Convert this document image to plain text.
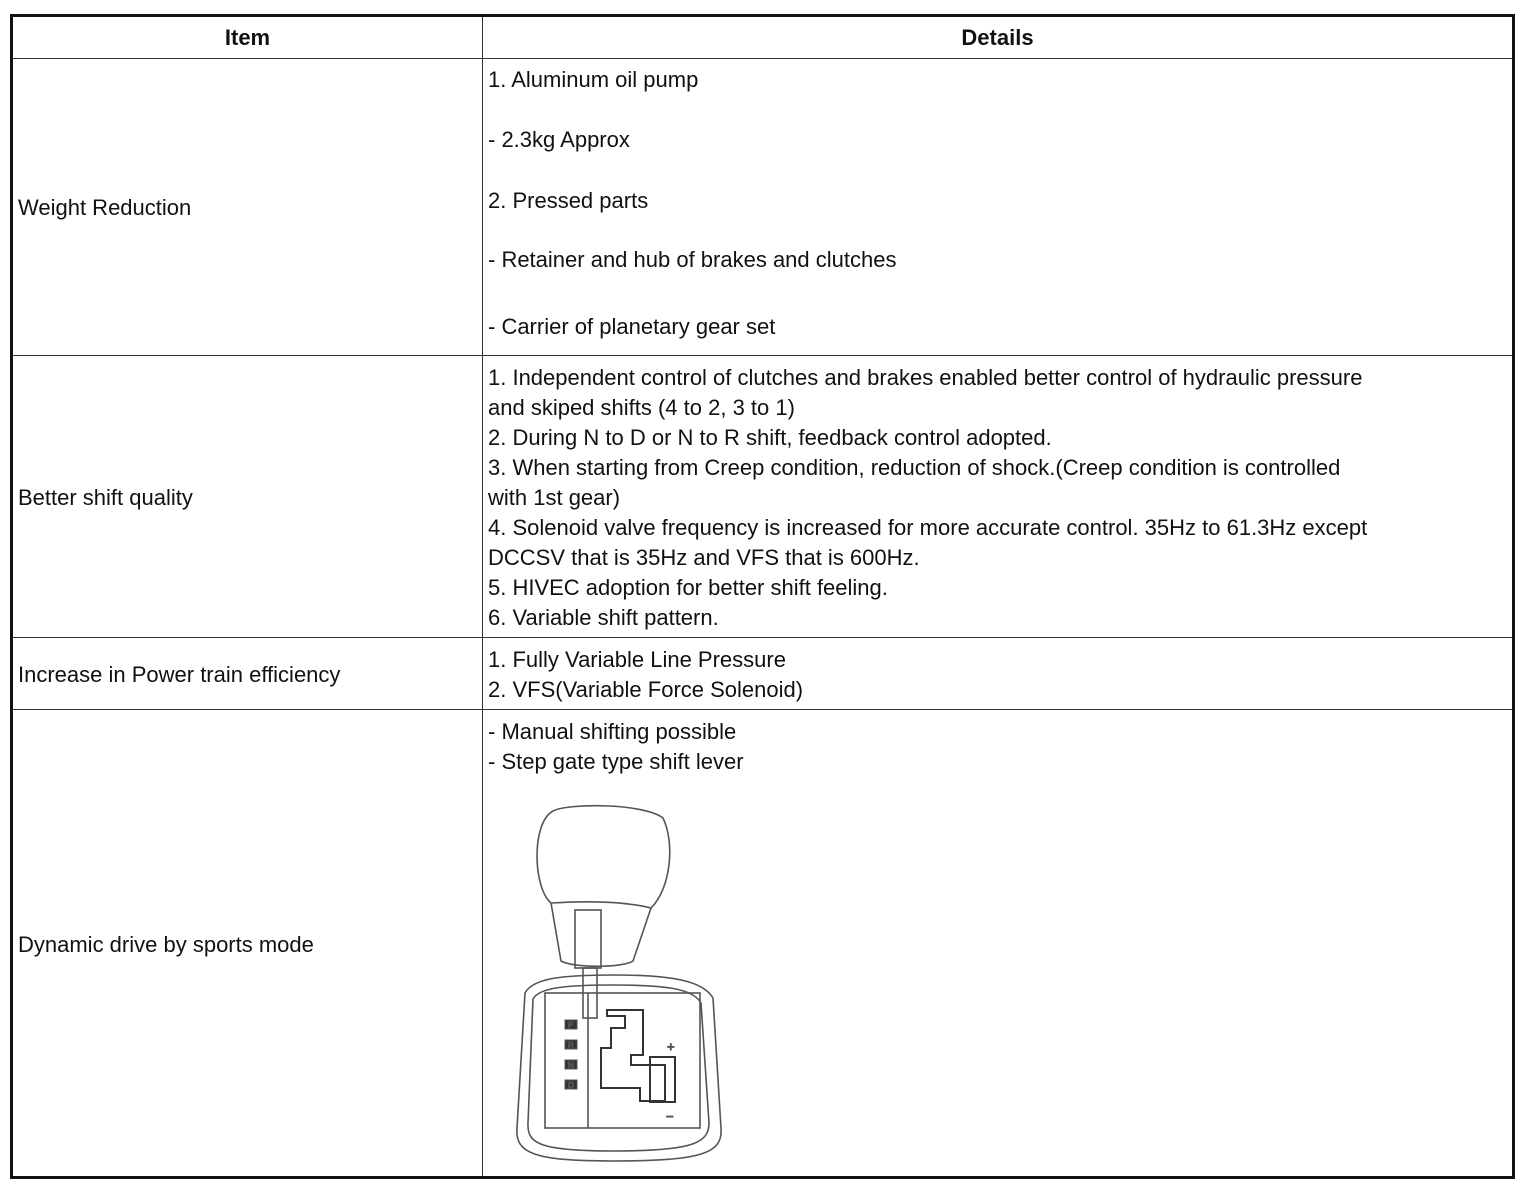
Item	Details
Weight Reduction
1. Aluminum oil pump
- 2.3kg Approx
2. Pressed parts
- Retainer and hub of brakes and clutches
- Carrier of planetary gear set
Better shift quality
1. Independent control of clutches and brakes enabled better control of hydraulic pressure
and skiped shifts (4 to 2, 3 to 1)
2. During N to D or N to R shift, feedback control adopted.
3. When starting from Creep condition, reduction of shock.(Creep condition is controlled
with 1st gear)
4. Solenoid valve frequency is increased for more accurate control. 35Hz to 61.3Hz except
DCCSV that is 35Hz and VFS that is 600Hz.
5. HIVEC adoption for better shift feeling.
6. Variable shift pattern.
Increase in Power train efficiency
1. Fully Variable Line Pressure
2. VFS(Variable Force Solenoid)
Dynamic drive by sports mode
- Manual shifting possible
- Step gate type shift lever
P
R
N
D
+
−
